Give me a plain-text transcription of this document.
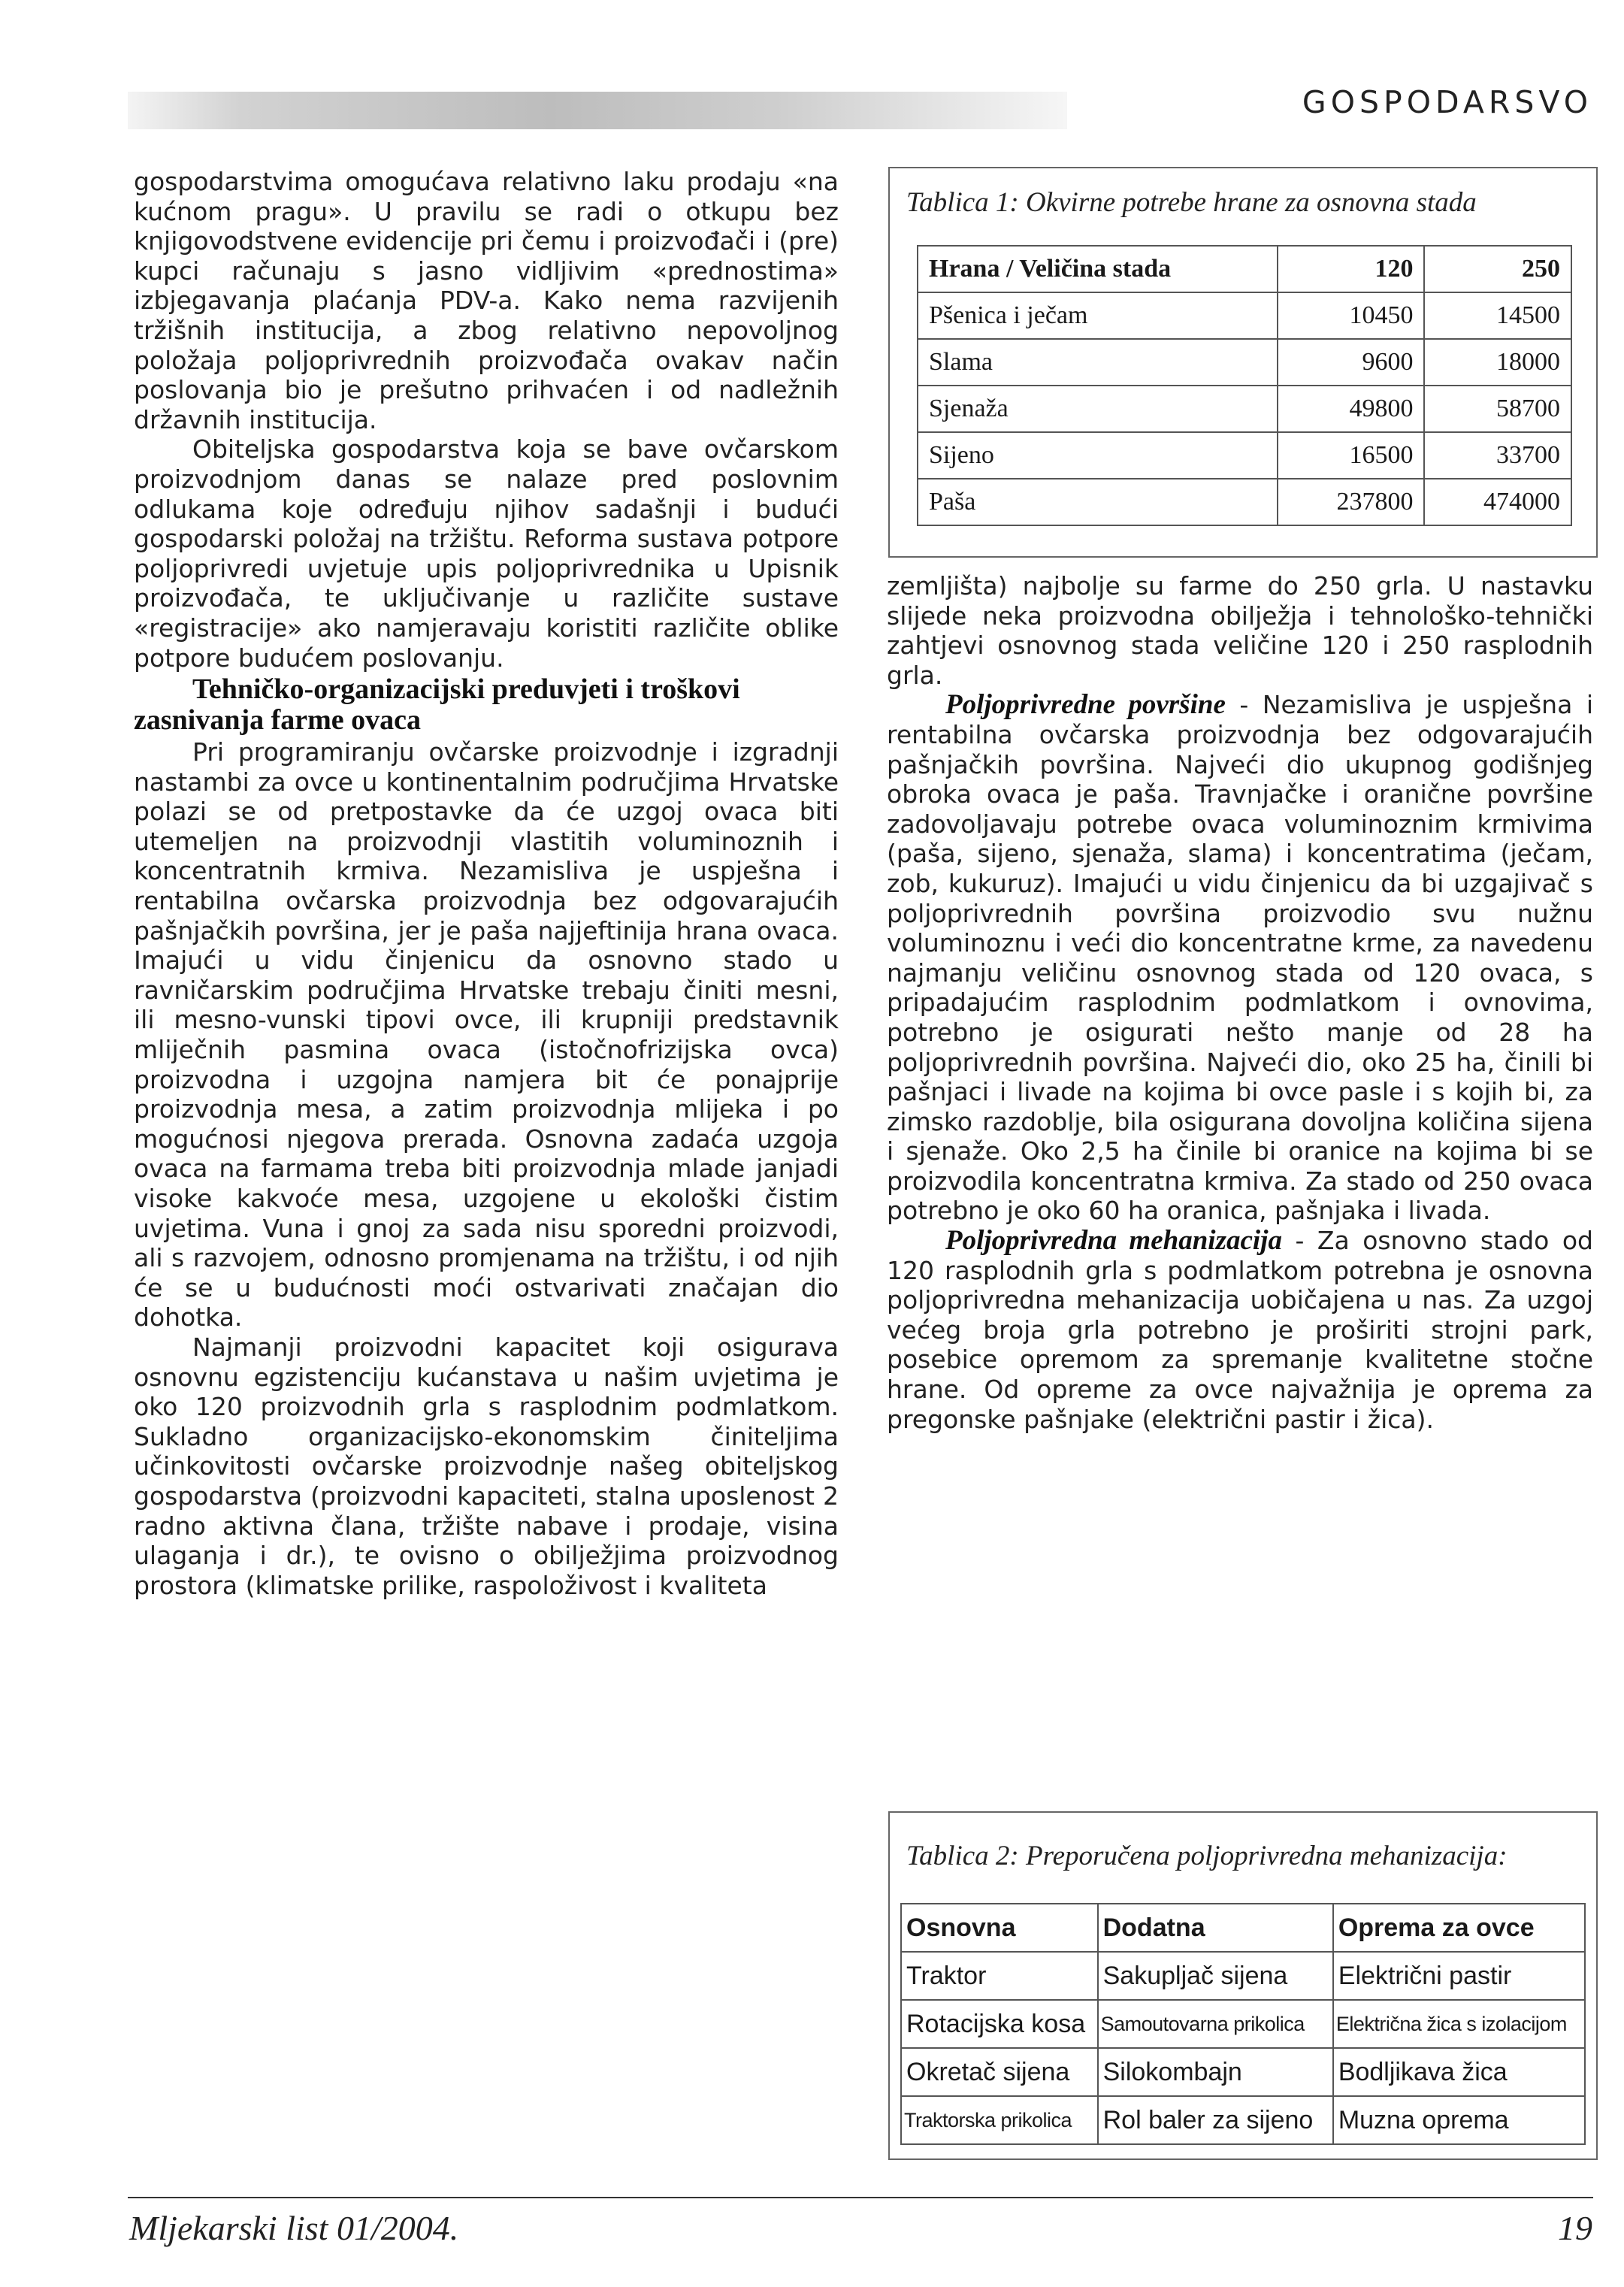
GOSPODARSVO

gospodarstvima omogućava relativno laku prodaju «na kućnom pragu». U pravilu se radi o otkupu bez knjigovodstvene evidencije pri čemu i proizvođači i (pre) kupci računaju s jasno vidljivim «prednostima» izbjegavanja plaćanja PDV-a. Kako nema razvijenih tržišnih institucija, a zbog relativno nepovoljnog položaja poljoprivrednih proizvođača ovakav način poslovanja bio je prešutno prihvaćen i od nadležnih državnih institucija.

Obiteljska gospodarstva koja se bave ovčarskom proizvodnjom danas se nalaze pred poslovnim odlukama koje određuju njihov sadašnji i budući gospodarski položaj na tržištu. Reforma sustava potpore poljoprivredi uvjetuje upis poljoprivrednika u Upisnik proizvođača, te uključivanje u različite sustave «registracije» ako namjeravaju koristiti različite oblike potpore budućem poslovanju.

Tehničko-organizacijski preduvjeti i troškovi zasnivanja farme ovaca

Pri programiranju ovčarske proizvodnje i izgradnji nastambi za ovce u kontinentalnim područjima Hrvatske polazi se od pretpostavke da će uzgoj ovaca biti utemeljen na proizvodnji vlastitih voluminoznih i koncentratnih krmiva. Nezamisliva je uspješna i rentabilna ovčarska proizvodnja bez odgovarajućih pašnjačkih površina, jer je paša najjeftinija hrana ovaca. Imajući u vidu činjenicu da osnovno stado u ravničarskim područjima Hrvatske trebaju činiti mesni, ili mesno-vunski tipovi ovce, ili krupniji predstavnik mliječnih pasmina ovaca (istočnofrizijska ovca) proizvodna i uzgojna namjera bit će ponajprije proizvodnja mesa, a zatim proizvodnja mlijeka i po mogućnosi njegova prerada. Osnovna zadaća uzgoja ovaca na farmama treba biti proizvodnja mlade janjadi visoke kakvoće mesa, uzgojene u ekološki čistim uvjetima. Vuna i gnoj za sada nisu sporedni proizvodi, ali s razvojem, odnosno promjenama na tržištu, i od njih će se u budućnosti moći ostvarivati značajan dio dohotka.

Najmanji proizvodni kapacitet koji osigurava osnovnu egzistenciju kućanstava u našim uvjetima je oko 120 proizvodnih grla s rasplodnim podmlatkom. Sukladno organizacijsko-ekonomskim činiteljima učinkovitosti ovčarske proizvodnje našeg obiteljskog gospodarstva (proizvodni kapaciteti, stalna uposlenost 2 radno aktivna člana, tržište nabave i prodaje, visina ulaganja i dr.), te ovisno o obilježjima proizvodnog prostora (klimatske prilike, raspoloživost i kvaliteta

Tablica 1: Okvirne potrebe hrane za osnovna stada
Hrana / Veličina stada	120	250
Pšenica i ječam	10450	14500
Slama	9600	18000
Sjenaža	49800	58700
Sijeno	16500	33700
Paša	237800	474000

zemljišta) najbolje su farme do 250 grla. U nastavku slijede neka proizvodna obilježja i tehnološko-tehnički zahtjevi osnovnog stada veličine 120 i 250 rasplodnih grla.

Poljoprivredne površine - Nezamisliva je uspješna i rentabilna ovčarska proizvodnja bez odgovarajućih pašnjačkih površina. Najveći dio ukupnog godišnjeg obroka ovaca je paša. Travnjačke i oranične površine zadovoljavaju potrebe ovaca voluminoznim krmivima (paša, sijeno, sjenaža, slama) i koncentratima (ječam, zob, kukuruz). Imajući u vidu činjenicu da bi uzgajivač s poljoprivrednih površina proizvodio svu nužnu voluminoznu i veći dio koncentratne krme, za navedenu najmanju veličinu osnovnog stada od 120 ovaca, s pripadajućim rasplodnim podmlatkom i ovnovima, potrebno je osigurati nešto manje od 28 ha poljoprivrednih površina. Najveći dio, oko 25 ha, činili bi pašnjaci i livade na kojima bi ovce pasle i s kojih bi, za zimsko razdoblje, bila osigurana dovoljna količina sijena i sjenaže. Oko 2,5 ha činile bi oranice na kojima bi se proizvodila koncentratna krmiva. Za stado od 250 ovaca potrebno je oko 60 ha oranica, pašnjaka i livada.

Poljoprivredna mehanizacija - Za osnovno stado od 120 rasplodnih grla s podmlatkom potrebna je osnovna poljoprivredna mehanizacija uobičajena u nas. Za uzgoj većeg broja grla potrebno je proširiti strojni park, posebice opremom za spremanje kvalitetne stočne hrane. Od opreme za ovce najvažnija je oprema za pregonske pašnjake (električni pastir i žica).

Tablica 2: Preporučena poljoprivredna mehanizacija:
Osnovna	Dodatna	Oprema za ovce
Traktor	Sakupljač sijena	Električni pastir
Rotacijska kosa	Samoutovarna prikolica	Električna žica s izolacijom
Okretač sijena	Silokombajn	Bodljikava žica
Traktorska prikolica	Rol baler za sijeno	Muzna oprema
Mljekarski list 01/2004.	19
